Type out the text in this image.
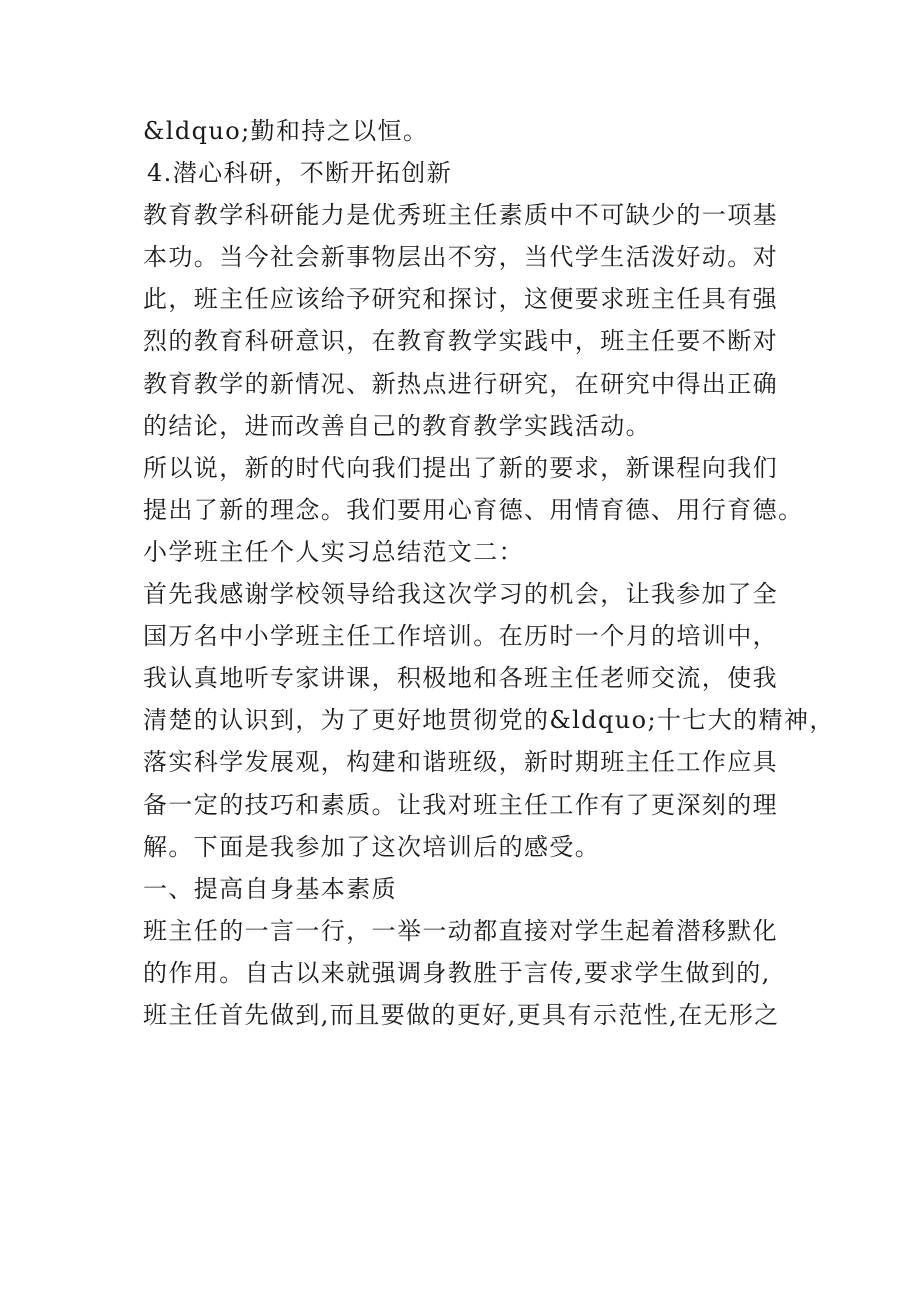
&ldquo;勤和持之以恒。
4.潜心科研，不断开拓创新
教育教学科研能力是优秀班主任素质中不可缺少的一项基
本功。当今社会新事物层出不穷，当代学生活泼好动。对
此，班主任应该给予研究和探讨，这便要求班主任具有强
烈的教育科研意识，在教育教学实践中，班主任要不断对
教育教学的新情况、新热点进行研究，在研究中得出正确
的结论，进而改善自己的教育教学实践活动。
所以说，新的时代向我们提出了新的要求，新课程向我们
提出了新的理念。我们要用心育德、用情育德、用行育德。
小学班主任个人实习总结范文二：
首先我感谢学校领导给我这次学习的机会，让我参加了全
国万名中小学班主任工作培训。在历时一个月的培训中，
我认真地听专家讲课，积极地和各班主任老师交流，使我
清楚的认识到，为了更好地贯彻党的&ldquo;十七大的精神，
落实科学发展观，构建和谐班级，新时期班主任工作应具
备一定的技巧和素质。让我对班主任工作有了更深刻的理
解。下面是我参加了这次培训后的感受。
一、提高自身基本素质
班主任的一言一行，一举一动都直接对学生起着潜移默化
的作用。自古以来就强调身教胜于言传,要求学生做到的,
班主任首先做到,而且要做的更好,更具有示范性,在无形之
